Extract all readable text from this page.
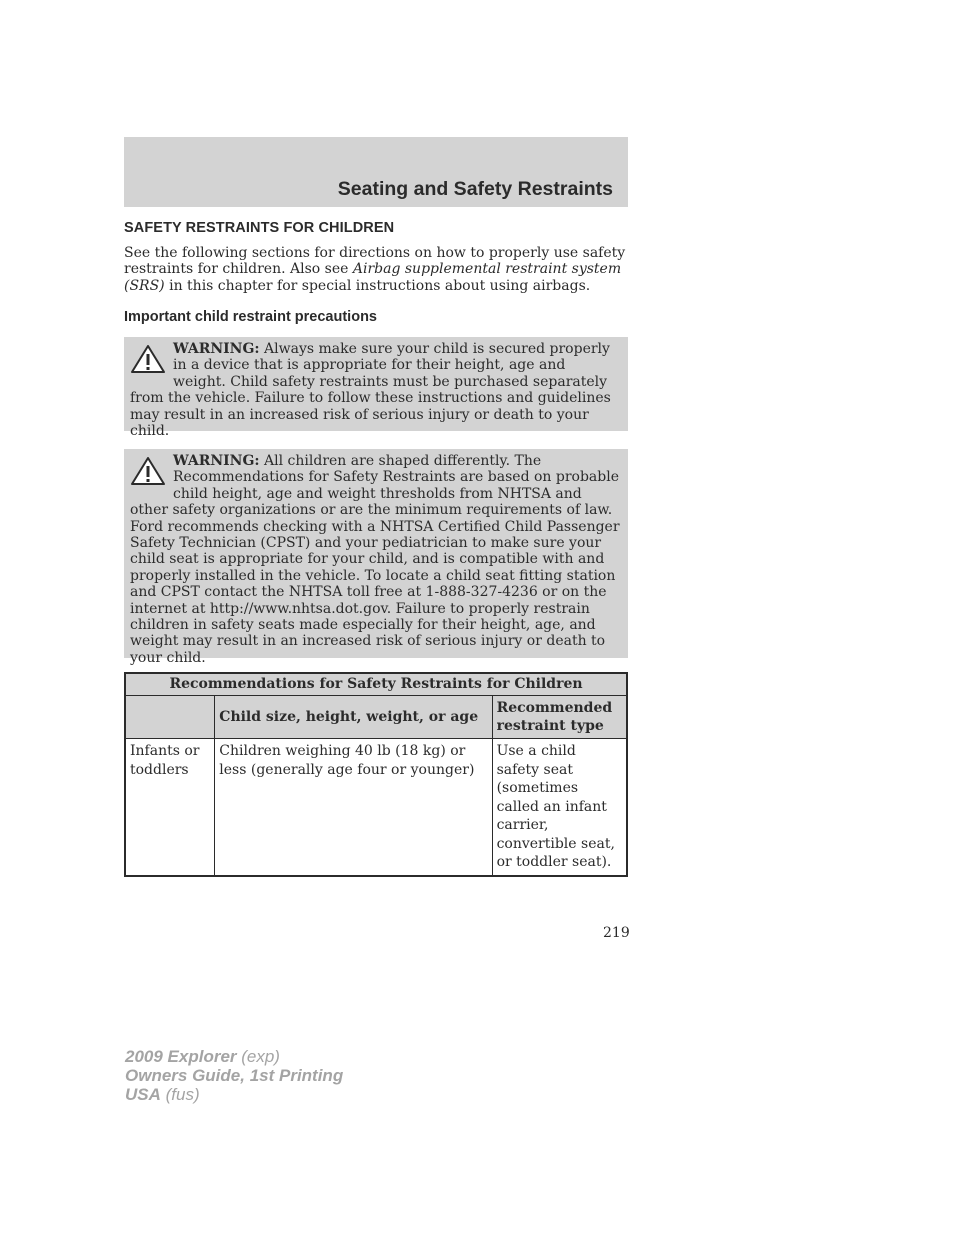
Seating and Safety Restraints
SAFETY RESTRAINTS FOR CHILDREN
See the following sections for directions on how to properly use safety restraints for children. Also see Airbag supplemental restraint system (SRS) in this chapter for special instructions about using airbags.
Important child restraint precautions
WARNING: Always make sure your child is secured properly in a device that is appropriate for their height, age and weight. Child safety restraints must be purchased separately from the vehicle. Failure to follow these instructions and guidelines may result in an increased risk of serious injury or death to your child.
WARNING: All children are shaped differently. The Recommendations for Safety Restraints are based on probable child height, age and weight thresholds from NHTSA and other safety organizations or are the minimum requirements of law. Ford recommends checking with a NHTSA Certified Child Passenger Safety Technician (CPST) and your pediatrician to make sure your child seat is appropriate for your child, and is compatible with and properly installed in the vehicle. To locate a child seat fitting station and CPST contact the NHTSA toll free at 1-888-327-4236 or on the internet at http://www.nhtsa.dot.gov. Failure to properly restrain children in safety seats made especially for their height, age, and weight may result in an increased risk of serious injury or death to your child.
Recommendations for Safety Restraints for Children		
	Child size, height, weight, or age	Recommended restraint type
Infants or toddlers	Children weighing 40 lb (18 kg) or less (generally age four or younger)	Use a child safety seat (sometimes called an infant carrier, convertible seat, or toddler seat).
219
2009 Explorer (exp)
Owners Guide, 1st Printing
USA (fus)
